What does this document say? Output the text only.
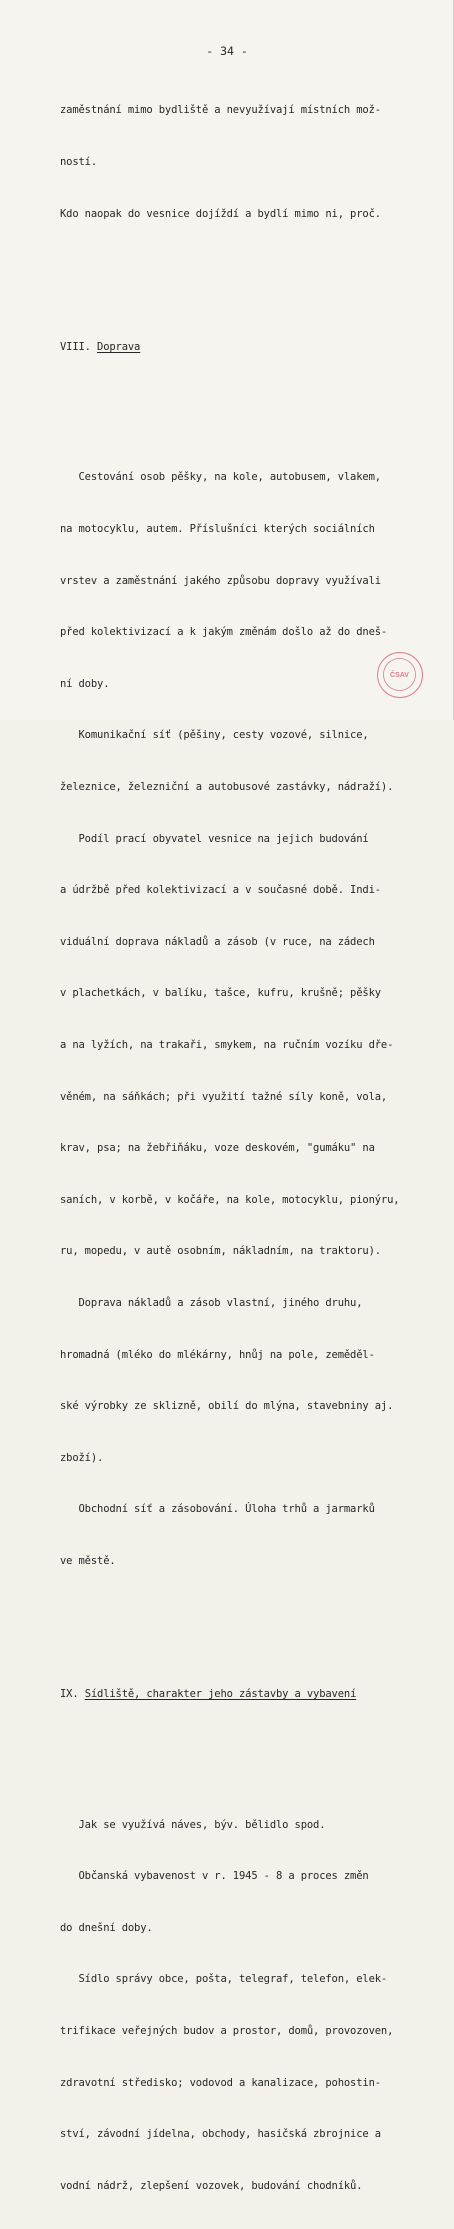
- 34 -

zaměstnání mimo bydliště a nevyužívají místních mož-

ností.

Kdo naopak do vesnice dojíždí a bydlí mimo ni, proč.

VIII. Doprava

Cestování osob pěšky, na kole, autobusem, vlakem,

na motocyklu, autem. Příslušníci kterých sociálních

vrstev a zaměstnání jakého způsobu dopravy využívali

před kolektivizací a k jakým změnám došlo až do dneš-

ní doby.

Komunikační síť (pěšiny, cesty vozové, silnice,

železnice, železniční a autobusové zastávky, nádraží).

Podíl prací obyvatel vesnice na jejich budování

a údržbě před kolektivizací a v současné době. Indi-

viduální doprava nákladů a zásob (v ruce, na zádech

v plachetkách, v balíku, tašce, kufru, krušně; pěšky

a na lyžích, na trakaři, smykem, na ručním vozíku dře-

věném, na sáňkách; při využití tažné síly koně, vola,

krav, psa; na žebřiňáku, voze deskovém, "gumáku" na

saních, v korbě, v kočáře, na kole, motocyklu, pionýru,

ru, mopedu, v autě osobním, nákladním, na traktoru).

Doprava nákladů a zásob vlastní, jiného druhu,

hromadná (mléko do mlékárny, hnůj na pole, zeměděl-

ské výrobky ze sklizně, obilí do mlýna, stavebniny aj.

zboží).

Obchodní síť a zásobování. Úloha trhů a jarmarků

ve městě.

IX. Sídliště, charakter jeho zástavby a vybavení

Jak se využívá náves, býv. bělidlo spod.

Občanská vybavenost v r. 1945 - 8 a proces změn

do dnešní doby.

Sídlo správy obce, pošta, telegraf, telefon, elek-

trifikace veřejných budov a prostor, domů, provozoven,

zdravotní středisko; vodovod a kanalizace, pohostin-

ství, závodní jídelna, obchody, hasičská zbrojnice a

vodní nádrž, zlepšení vozovek, budování chodníků.

ČSAV
